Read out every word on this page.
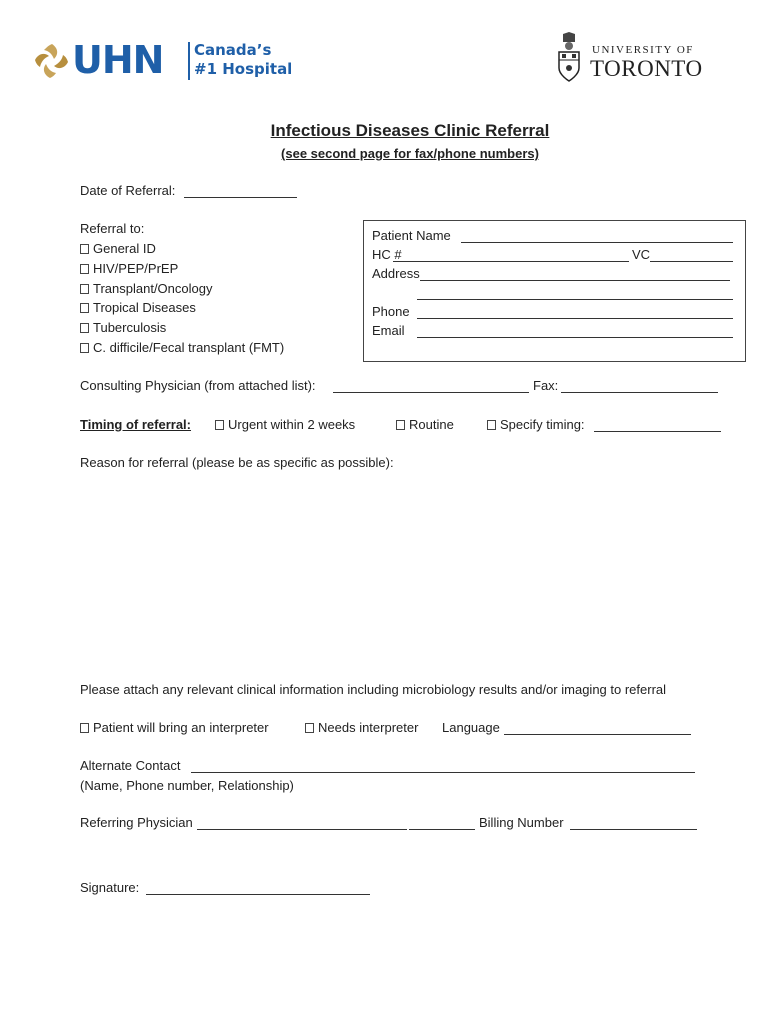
UHN Canada’s
#1 Hospital
UNIVERSITY OF
TORONTO
Infectious Diseases Clinic Referral
(see second page for fax/phone numbers)
Date of Referral:
Referral to:
General ID
HIV/PEP/PrEP
Transplant/Oncology
Tropical Diseases
Tuberculosis
C. difficile/Fecal transplant (FMT)
Patient Name
HC #	VC
Address
Phone
Email
Consulting Physician (from attached list):	Fax:
Timing of referral:	Urgent within 2 weeks	Routine	Specify timing:
Reason for referral (please be as specific as possible):
Please attach any relevant clinical information including microbiology results and/or imaging to referral
Patient will bring an interpreter	Needs interpreter Language
Alternate Contact
(Name, Phone number, Relationship)
Referring Physician	Billing Number
Signature:
